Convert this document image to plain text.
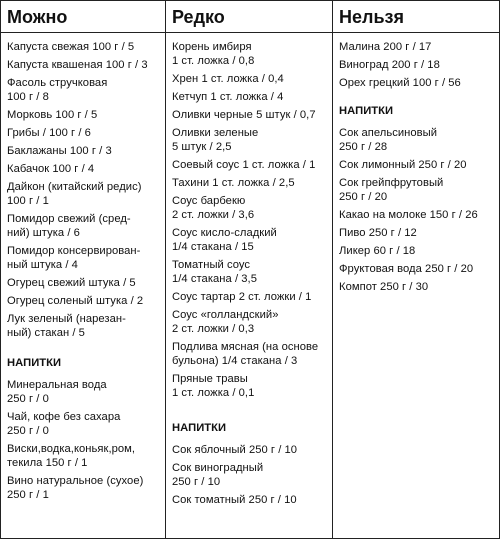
Можно
Капуста свежая 100 г / 5
Капуста квашеная 100 г / 3
Фасоль стручковая
100 г / 8
Морковь 100 г / 5
Грибы / 100 г / 6
Баклажаны 100 г / 3
Кабачок 100 г / 4
Дайкон (китайский редис)
100 г / 1
Помидор свежий (сред-
ний) штука / 6
Помидор консервирован-
ный штука / 4
Огурец свежий штука / 5
Огурец соленый штука / 2
Лук зеленый (нарезан-
ный) стакан / 5
НАПИТКИ
Минеральная вода
250 г / 0
Чай, кофе без сахара
250 г / 0
Виски,водка,коньяк,ром,
текила 150 г / 1
Вино натуральное (сухое)
250 г / 1
Редко
Корень имбиря
1 ст. ложка / 0,8
Хрен 1 ст. ложка / 0,4
Кетчуп 1 ст. ложка / 4
Оливки черные 5 штук / 0,7
Оливки зеленые
5 штук / 2,5
Соевый соус 1 ст. ложка / 1
Тахини 1 ст. ложка / 2,5
Соус барбекю
2 ст. ложки / 3,6
Соус кисло-сладкий
1/4 стакана / 15
Томатный соус
1/4 стакана / 3,5
Соус тартар 2 ст. ложки / 1
Соус «голландский»
2 ст. ложки / 0,3
Подлива мясная (на основе
бульона) 1/4 стакана / 3
Пряные травы
1 ст. ложка / 0,1
НАПИТКИ
Сок яблочный 250 г / 10
Сок виноградный
250 г / 10
Сок томатный 250 г / 10
Нельзя
Малина 200 г / 17
Виноград 200 г / 18
Орех грецкий 100 г / 56
НАПИТКИ
Сок апельсиновый
250 г / 28
Сок лимонный 250 г / 20
Сок грейпфрутовый
250 г / 20
Какао на молоке 150 г / 26
Пиво 250 г / 12
Ликер 60 г / 18
Фруктовая вода 250 г / 20
Компот 250 г / 30
